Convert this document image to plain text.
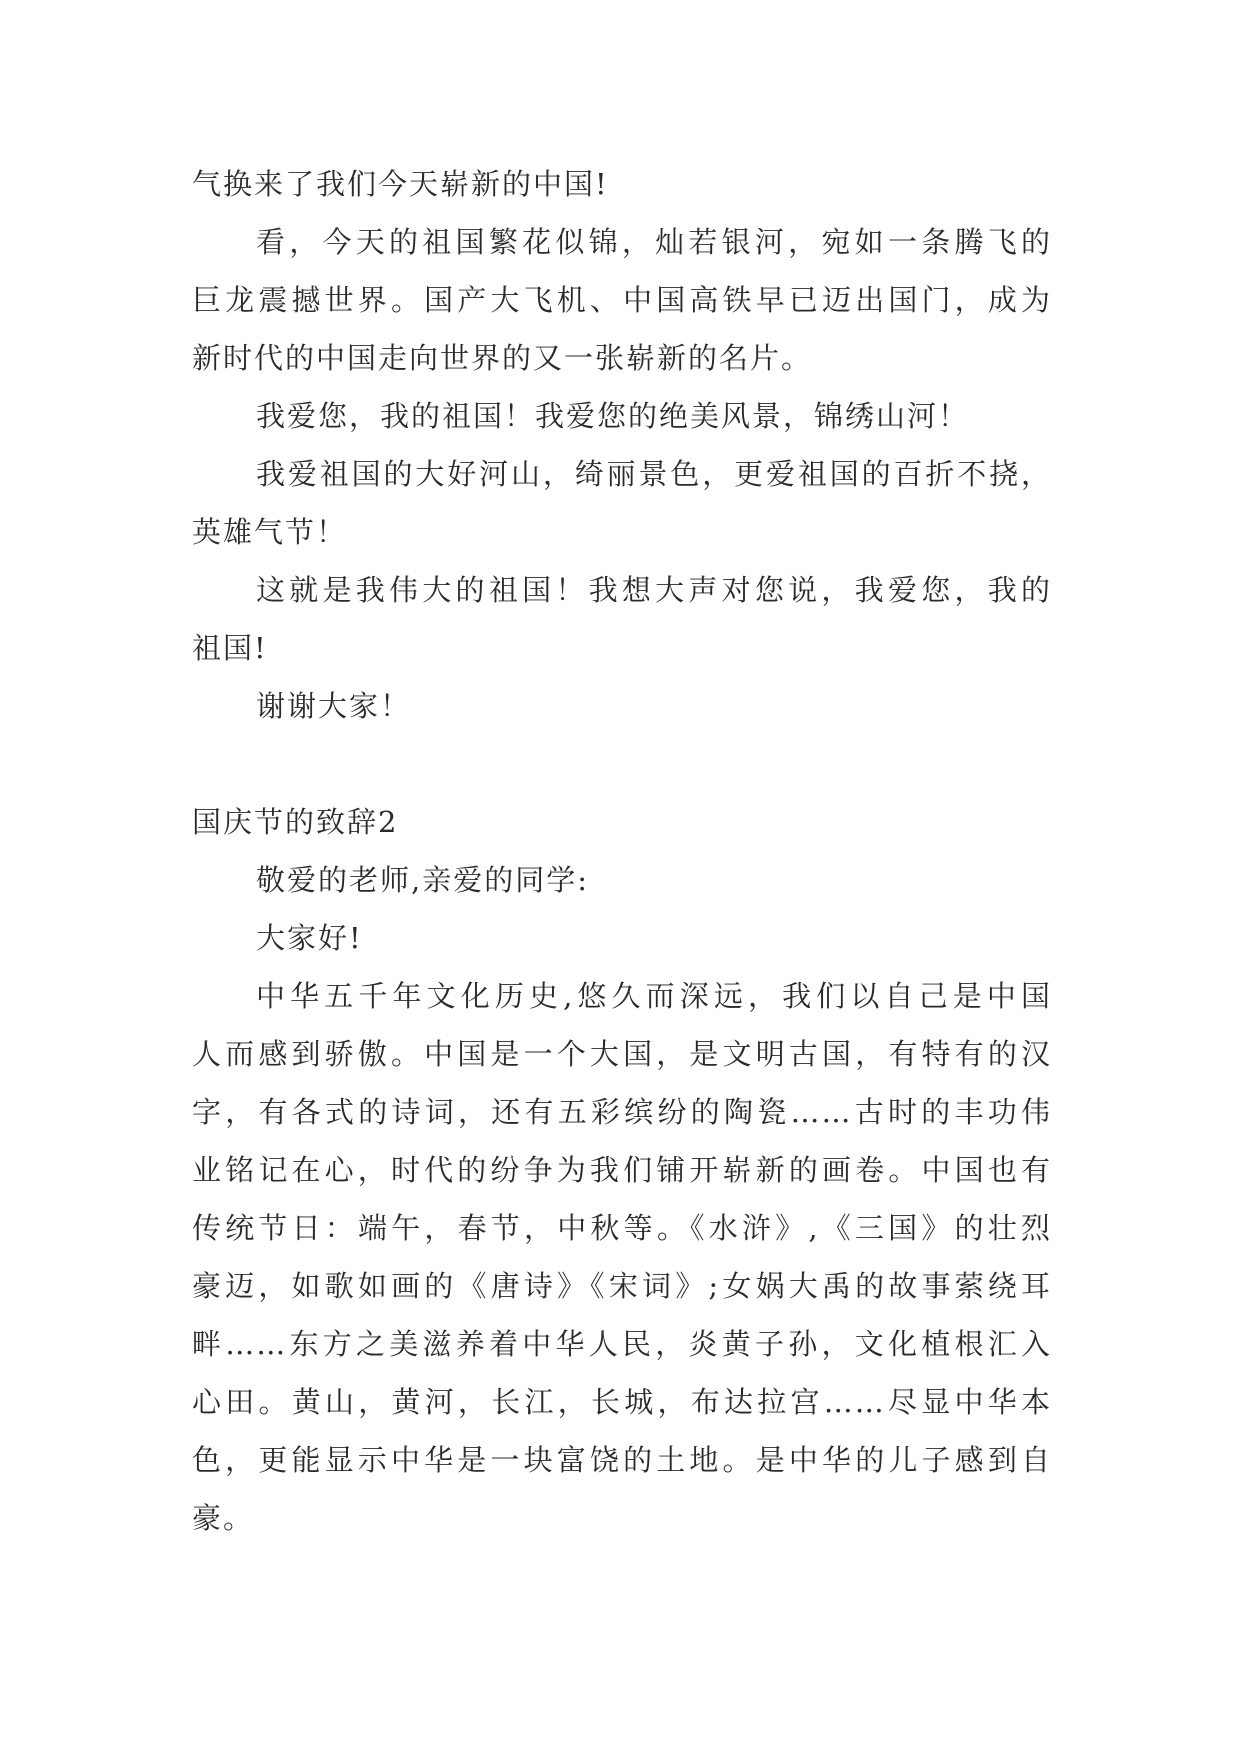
气换来了我们今天崭新的中国!
看，今天的祖国繁花似锦，灿若银河，宛如一条腾飞的
巨龙震撼世界。国产大飞机、中国高铁早已迈出国门，成为
新时代的中国走向世界的又一张崭新的名片。
我爱您，我的祖国！我爱您的绝美风景，锦绣山河！
我爱祖国的大好河山，绮丽景色，更爱祖国的百折不挠，
英雄气节！
这就是我伟大的祖国！我想大声对您说，我爱您，我的
祖国!
谢谢大家！
国庆节的致辞2
敬爱的老师,亲爱的同学:
大家好!
中华五千年文化历史,悠久而深远，我们以自己是中国
人而感到骄傲。中国是一个大国，是文明古国，有特有的汉
字，有各式的诗词，还有五彩缤纷的陶瓷……古时的丰功伟
业铭记在心，时代的纷争为我们铺开崭新的画卷。中国也有
传统节日：端午，春节，中秋等。《水浒》,《三国》的壮烈
豪迈，如歌如画的《唐诗》《宋词》;女娲大禹的故事萦绕耳
畔……东方之美滋养着中华人民，炎黄子孙，文化植根汇入
心田。黄山，黄河，长江，长城，布达拉宫……尽显中华本
色，更能显示中华是一块富饶的土地。是中华的儿子感到自
豪。
